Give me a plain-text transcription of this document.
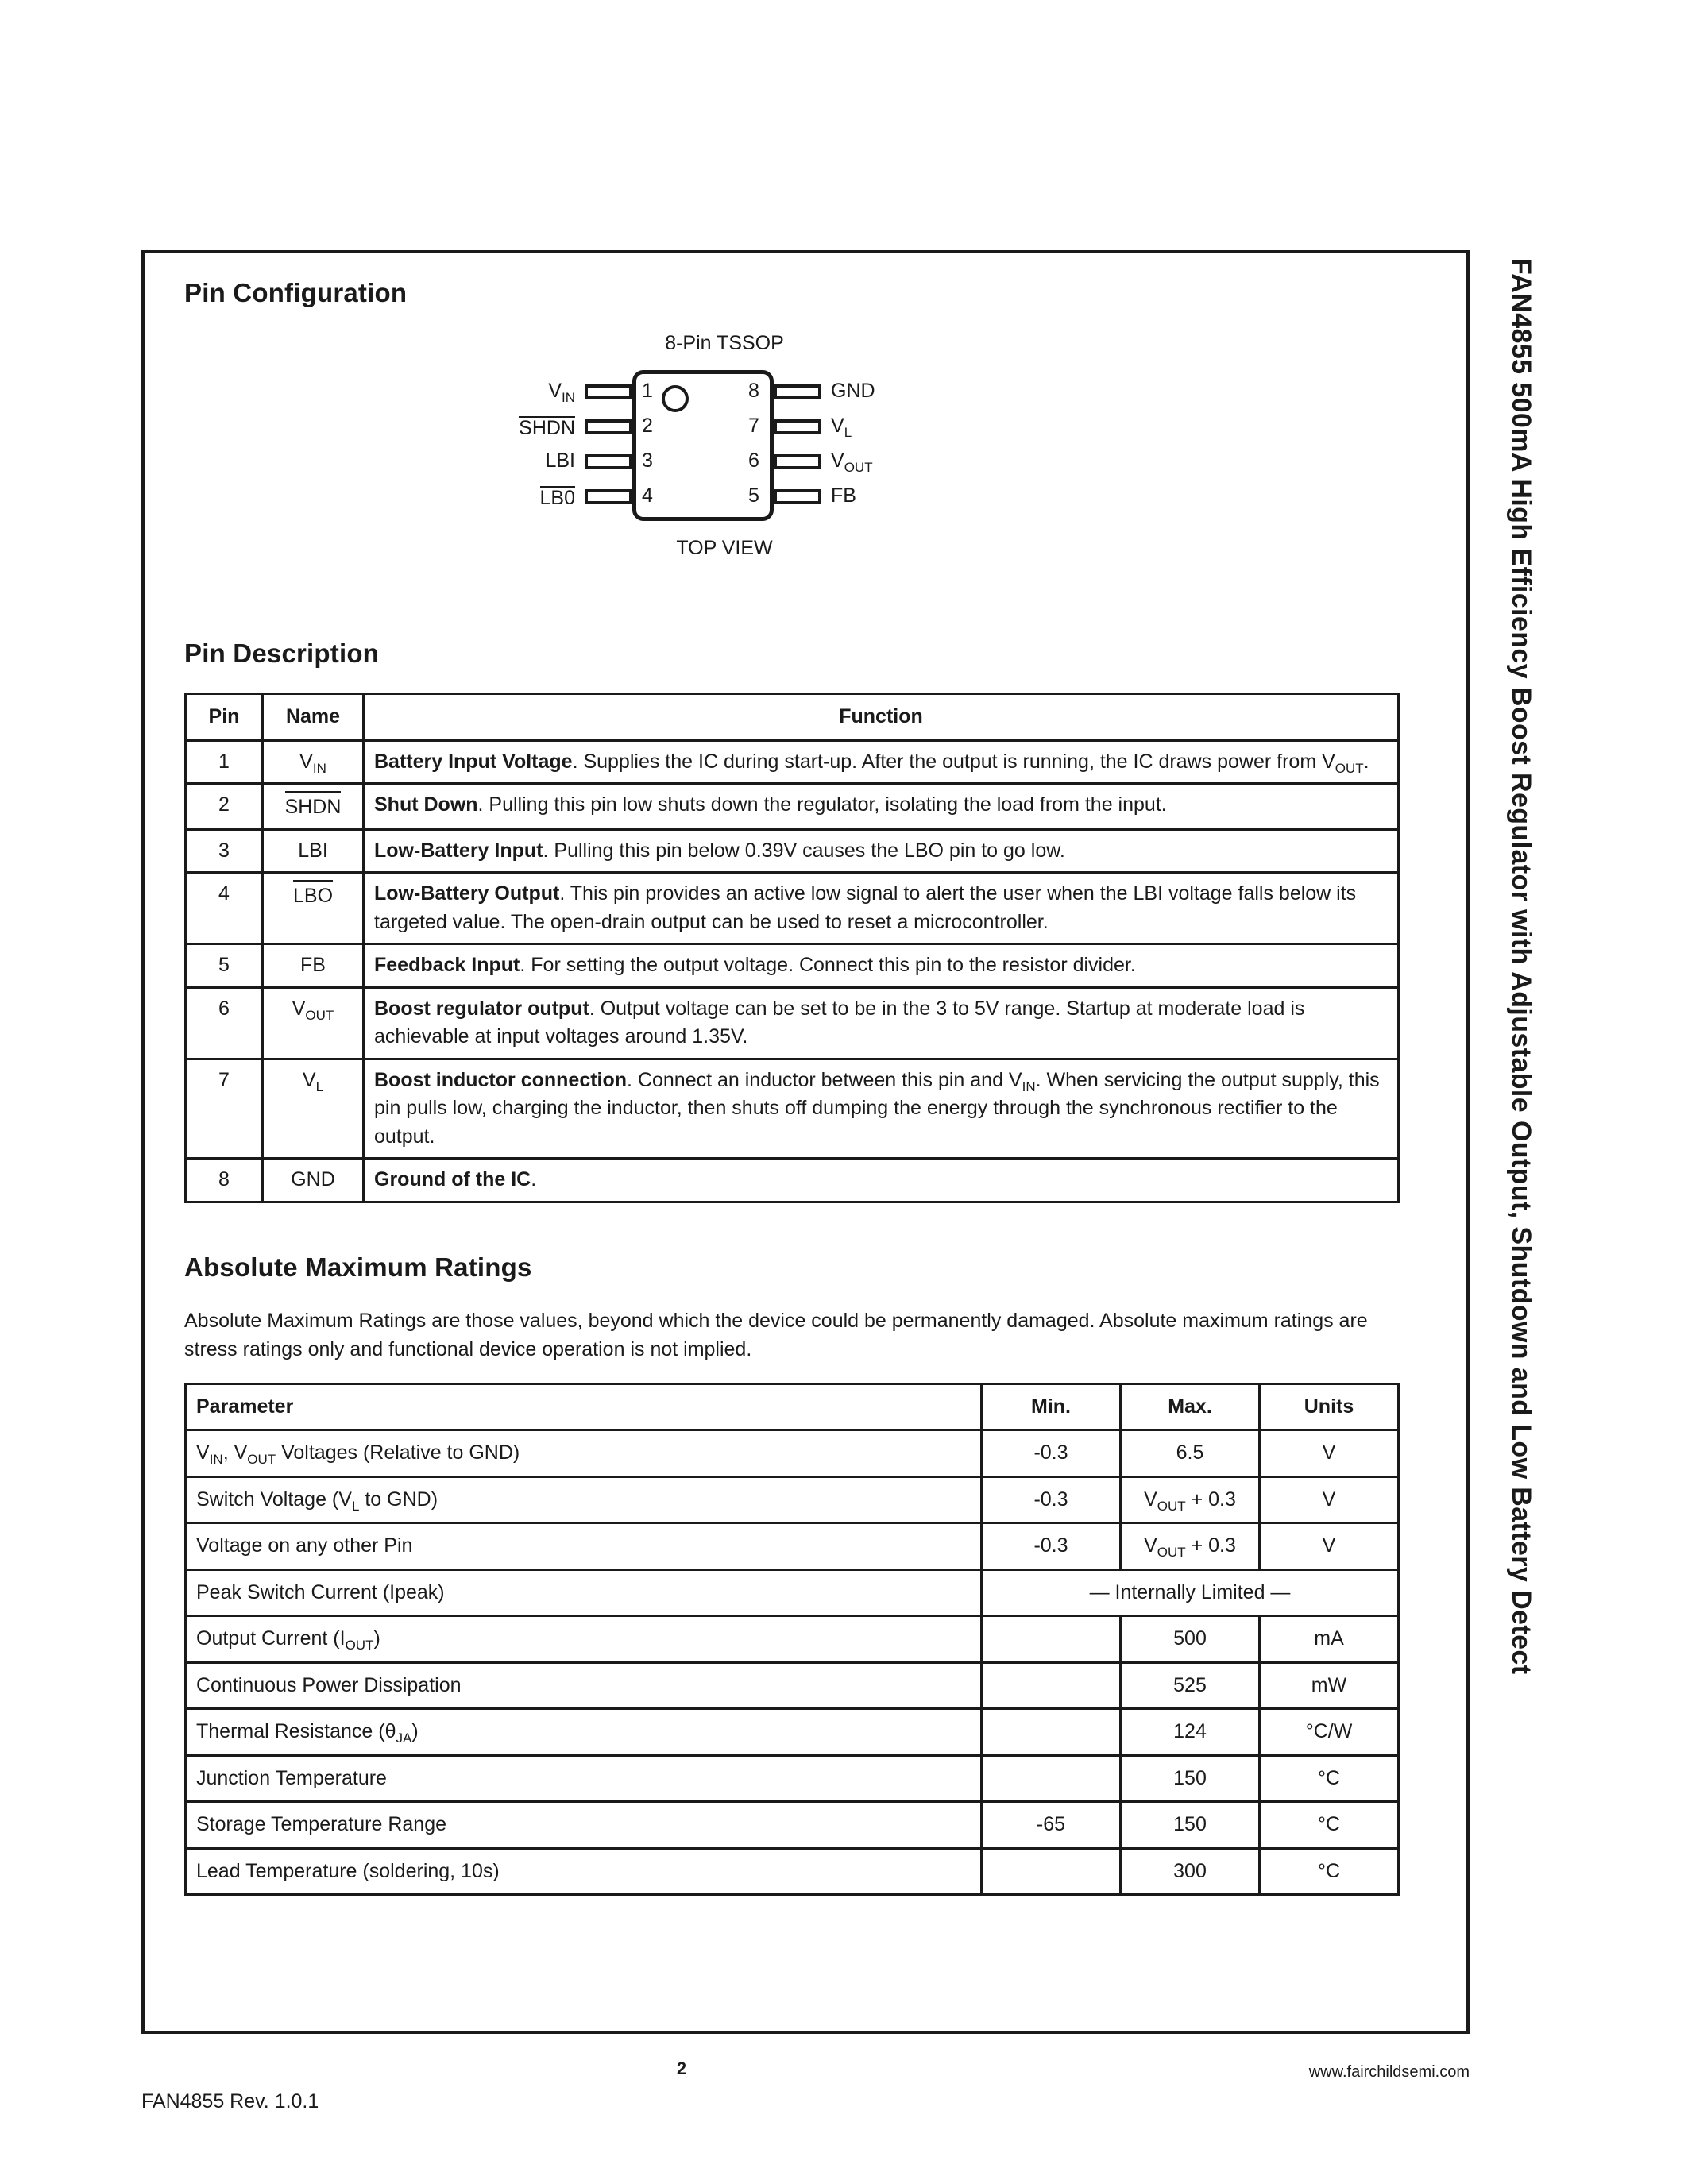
Pin Configuration
8-Pin TSSOP
1
$V_{IN}$
2
SHDN
3
LBI
4
LB0
8	GND
7	$V_L$
6	$V_{OUT}$
5	FB
TOP VIEW
Pin Description
Pin	Name	Function
1	$V_{IN}$	Battery Input Voltage. Supplies the IC during start-up. After the output is running, the IC draws power from $V_{OUT}$.
2	SHDN	Shut Down. Pulling this pin low shuts down the regulator, isolating the load from the input.
3	LBI	Low-Battery Input. Pulling this pin below 0.39V causes the LBO pin to go low.
4	LBO	Low-Battery Output. This pin provides an active low signal to alert the user when the LBI voltage falls below its targeted value. The open-drain output can be used to reset a microcontroller.
5	FB	Feedback Input. For setting the output voltage. Connect this pin to the resistor divider.
6	$V_{OUT}$	Boost regulator output. Output voltage can be set to be in the 3 to 5V range. Startup at moderate load is achievable at input voltages around 1.35V.
7	$V_L$	Boost inductor connection. Connect an inductor between this pin and $V_{IN}$. When servicing the output supply, this pin pulls low, charging the inductor, then shuts off dumping the energy through the synchronous rectifier to the output.
8	GND	Ground of the IC.
Absolute Maximum Ratings

Absolute Maximum Ratings are those values, beyond which the device could be permanently damaged. Absolute maximum ratings are stress ratings only and functional device operation is not implied.

Parameter	Min.	Max.	Units
$V_{IN}$, $V_{OUT}$ Voltages (Relative to GND)	-0.3	6.5	V
Switch Voltage ($V_L$ to GND)	-0.3	$V_{OUT} + 0.3$	V
Voltage on any other Pin	-0.3	$V_{OUT} + 0.3$	V
Peak Switch Current (Ipeak)	— Internally Limited —		
Output Current $(I_{OUT})$		500	mA
Continuous Power Dissipation		525	mW
Thermal Resistance $(\theta_{JA})$		124	°C/W
Junction Temperature		150	°C
Storage Temperature Range	-65	150	°C
Lead Temperature (soldering, 10s)		300	°C
FAN4855 500mA High Efficiency Boost Regulator with Adjustable Output, Shutdown and Low Battery Detect
FAN4855 Rev. 1.0.1
2	www.fairchildsemi.com
